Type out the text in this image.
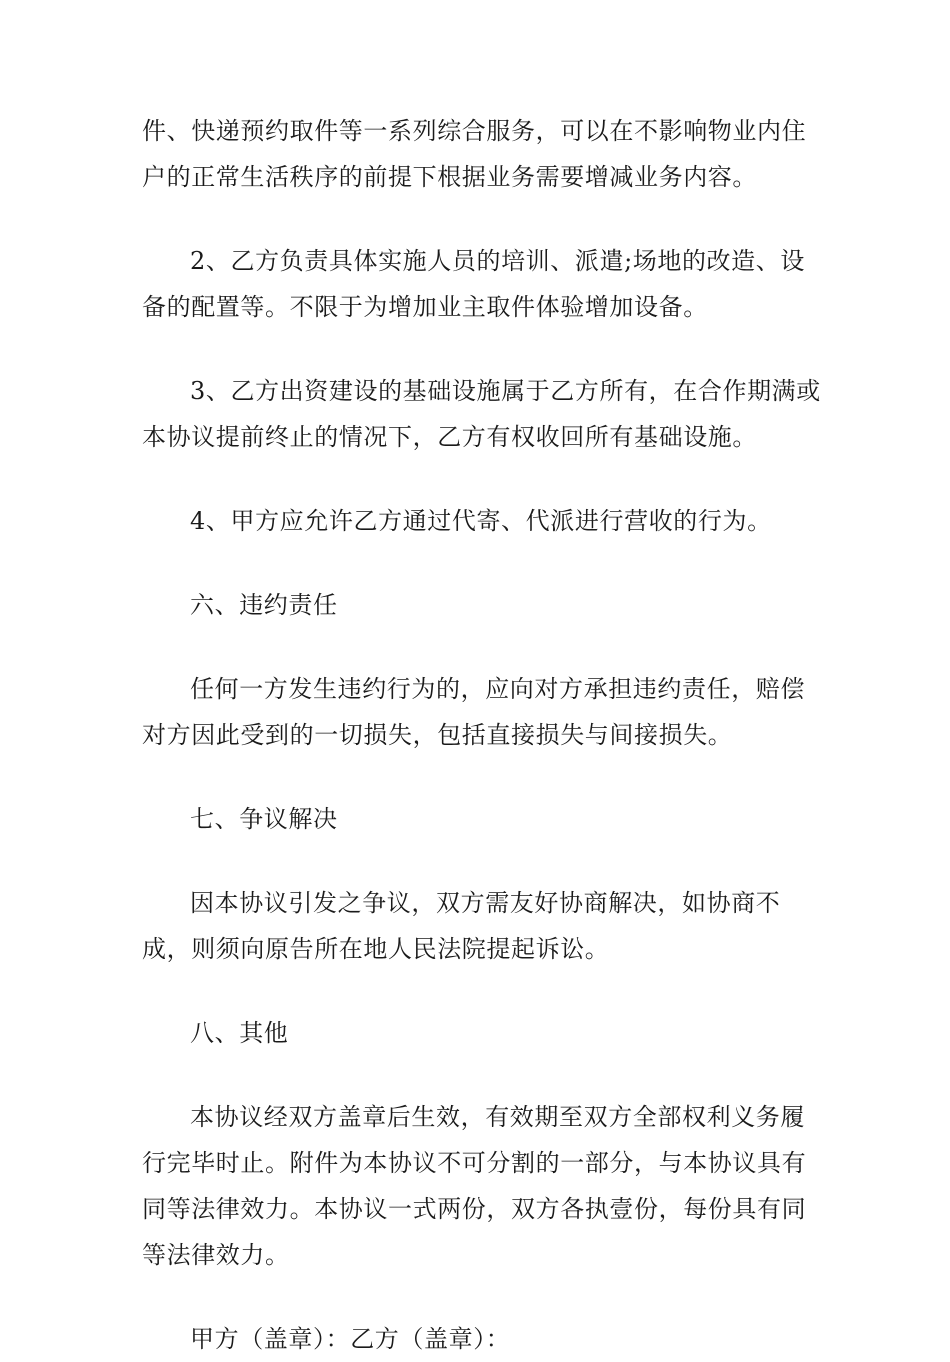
件、快递预约取件等一系列综合服务，可以在不影响物业内住户的正常生活秩序的前提下根据业务需要增减业务内容。

2、乙方负责具体实施人员的培训、派遣;场地的改造、设备的配置等。不限于为增加业主取件体验增加设备。

3、乙方出资建设的基础设施属于乙方所有，在合作期满或本协议提前终止的情况下，乙方有权收回所有基础设施。

4、甲方应允许乙方通过代寄、代派进行营收的行为。

六、违约责任

任何一方发生违约行为的，应向对方承担违约责任，赔偿对方因此受到的一切损失，包括直接损失与间接损失。

七、争议解决

因本协议引发之争议，双方需友好协商解决，如协商不成，则须向原告所在地人民法院提起诉讼。

八、其他

本协议经双方盖章后生效，有效期至双方全部权利义务履行完毕时止。附件为本协议不可分割的一部分，与本协议具有同等法律效力。本协议一式两份，双方各执壹份，每份具有同等法律效力。

甲方（盖章）：乙方（盖章）：
